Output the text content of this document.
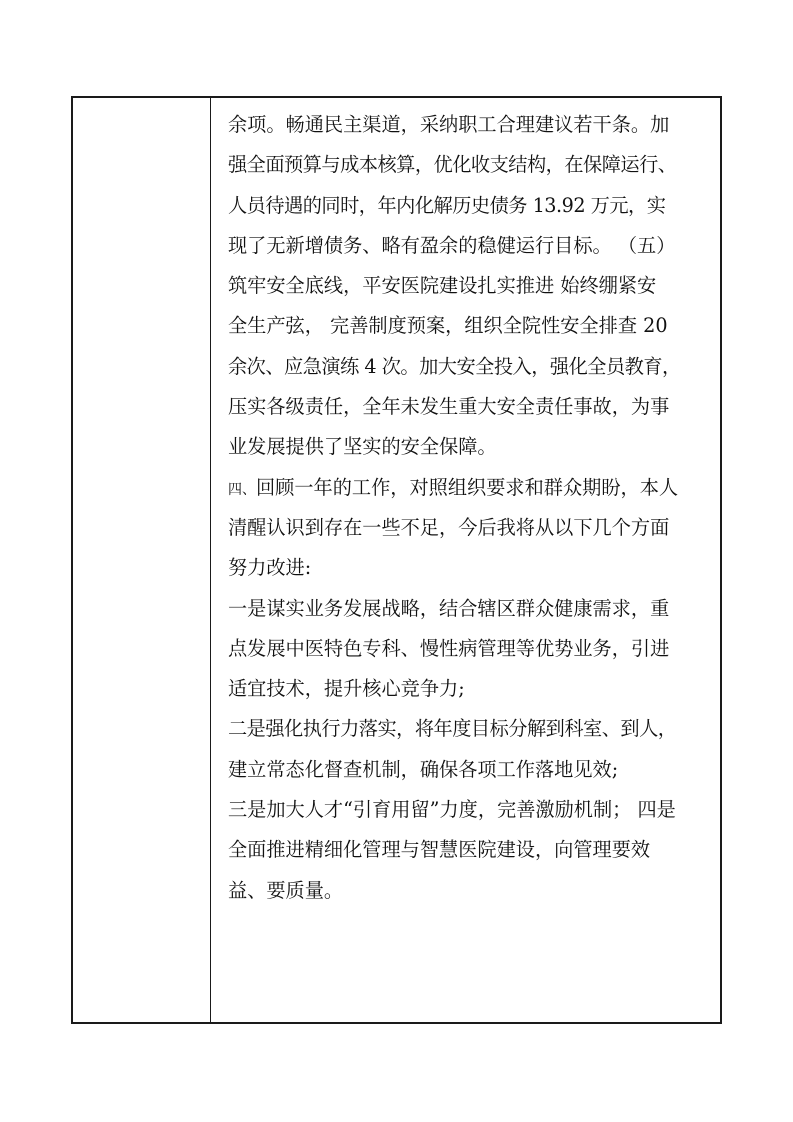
余项。畅通民主渠道，采纳职工合理建议若干条。加
强全面预算与成本核算，优化收支结构，在保障运行、
人员待遇的同时，年内化解历史债务 13.92 万元，实
现了无新增债务、略有盈余的稳健运行目标。 （五）
筑牢安全底线，平安医院建设扎实推进 始终绷紧安
全生产弦， 完善制度预案，组织全院性安全排查 20
余次、应急演练 4 次。加大安全投入，强化全员教育，
压实各级责任，全年未发生重大安全责任事故，为事
业发展提供了坚实的安全保障。
四、回顾一年的工作，对照组织要求和群众期盼，本人
清醒认识到存在一些不足，今后我将从以下几个方面
努力改进:
一是谋实业务发展战略，结合辖区群众健康需求，重
点发展中医特色专科、慢性病管理等优势业务，引进
适宜技术，提升核心竞争力;
二是强化执行力落实，将年度目标分解到科室、到人，
建立常态化督查机制，确保各项工作落地见效;
三是加大人才“引育用留”力度，完善激励机制； 四是
全面推进精细化管理与智慧医院建设，向管理要效
益、要质量。
